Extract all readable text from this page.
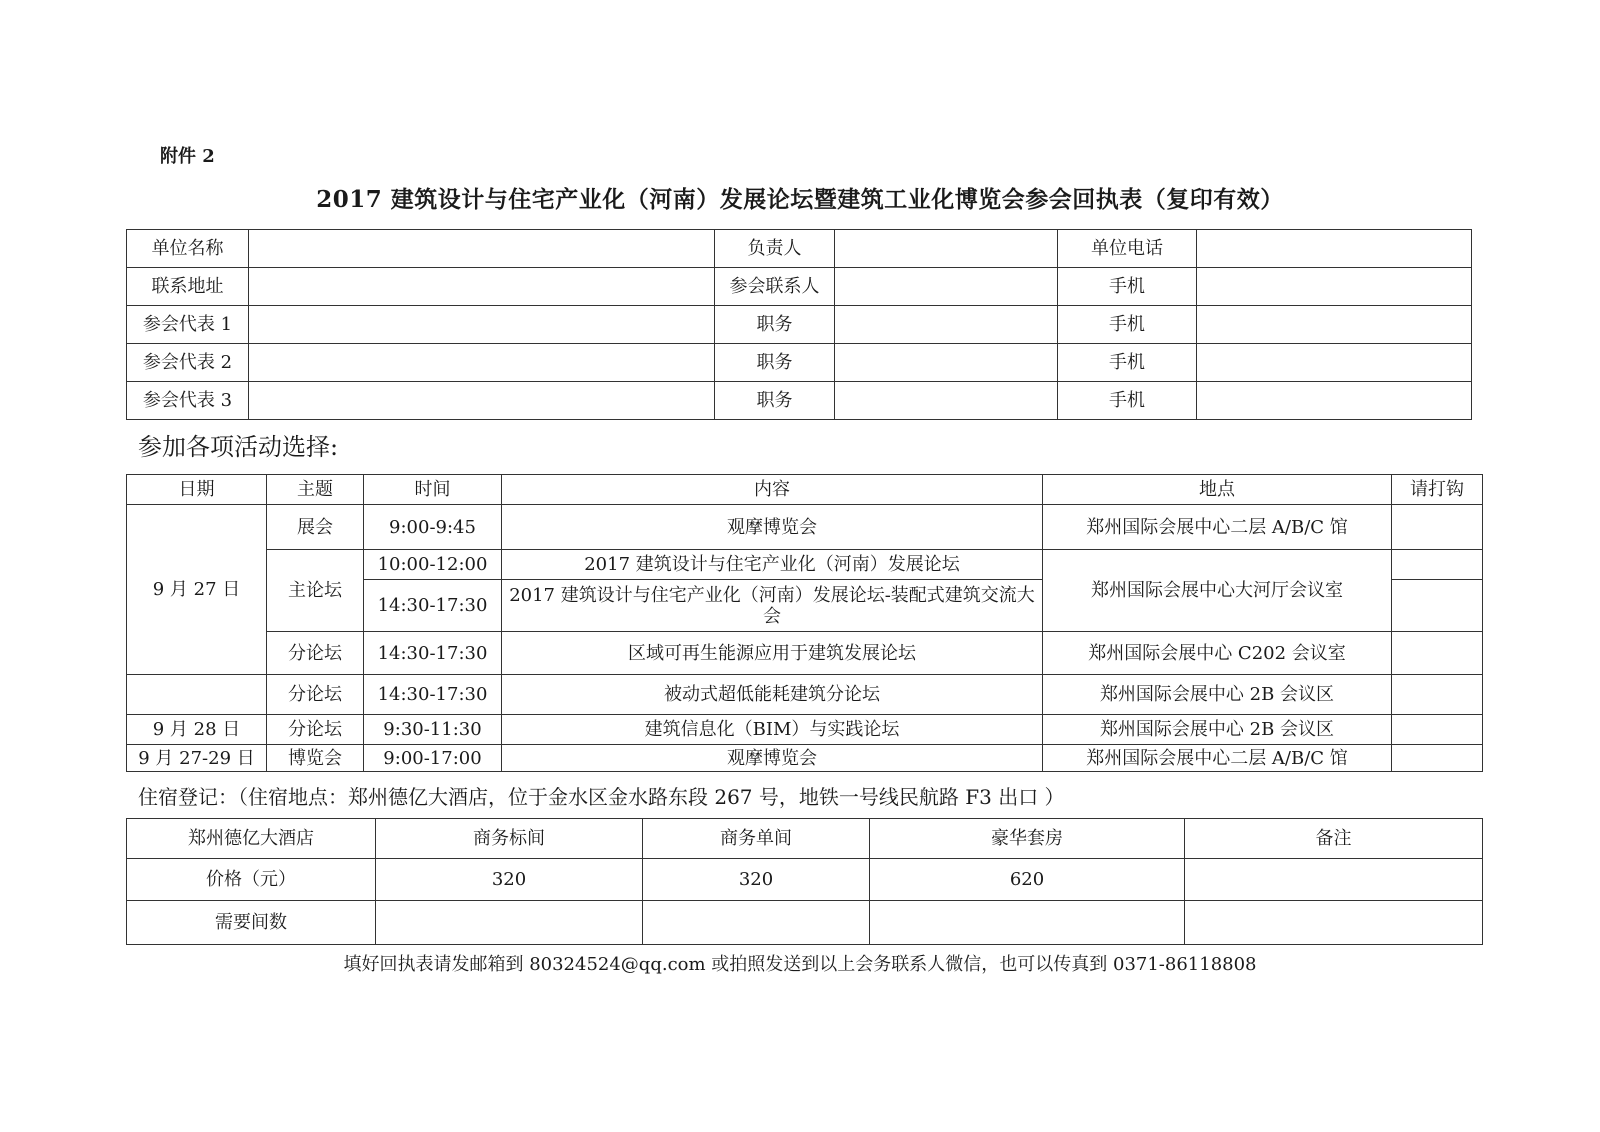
附件 2
2017 建筑设计与住宅产业化（河南）发展论坛暨建筑工业化博览会参会回执表（复印有效）
单位名称		负责人		单位电话	
联系地址		参会联系人		手机	
参会代表 1		职务		手机	
参会代表 2		职务		手机	
参会代表 3		职务		手机	
参加各项活动选择:
日期	主题	时间	内容	地点	请打钩
9 月 27 日	展会	9:00-9:45	观摩博览会	郑州国际会展中心二层 A/B/C 馆	
	主论坛	10:00-12:00	2017 建筑设计与住宅产业化（河南）发展论坛	郑州国际会展中心大河厅会议室	
		14:30-17:30	2017 建筑设计与住宅产业化（河南）发展论坛-装配式建筑交流大会		
	分论坛	14:30-17:30	区域可再生能源应用于建筑发展论坛	郑州国际会展中心 C202 会议室	
	分论坛	14:30-17:30	被动式超低能耗建筑分论坛	郑州国际会展中心 2B 会议区	
9 月 28 日	分论坛	9:30-11:30	建筑信息化（BIM）与实践论坛	郑州国际会展中心 2B 会议区	
9 月 27-29 日	博览会	9:00-17:00	观摩博览会	郑州国际会展中心二层 A/B/C 馆	
住宿登记：（住宿地点：郑州德亿大酒店，位于金水区金水路东段 267 号，地铁一号线民航路 F3 出口 ）
郑州德亿大酒店	商务标间	商务单间	豪华套房	备注
价格（元）	320	320	620	
需要间数				
填好回执表请发邮箱到 80324524@qq.com 或拍照发送到以上会务联系人微信，也可以传真到 0371-86118808
